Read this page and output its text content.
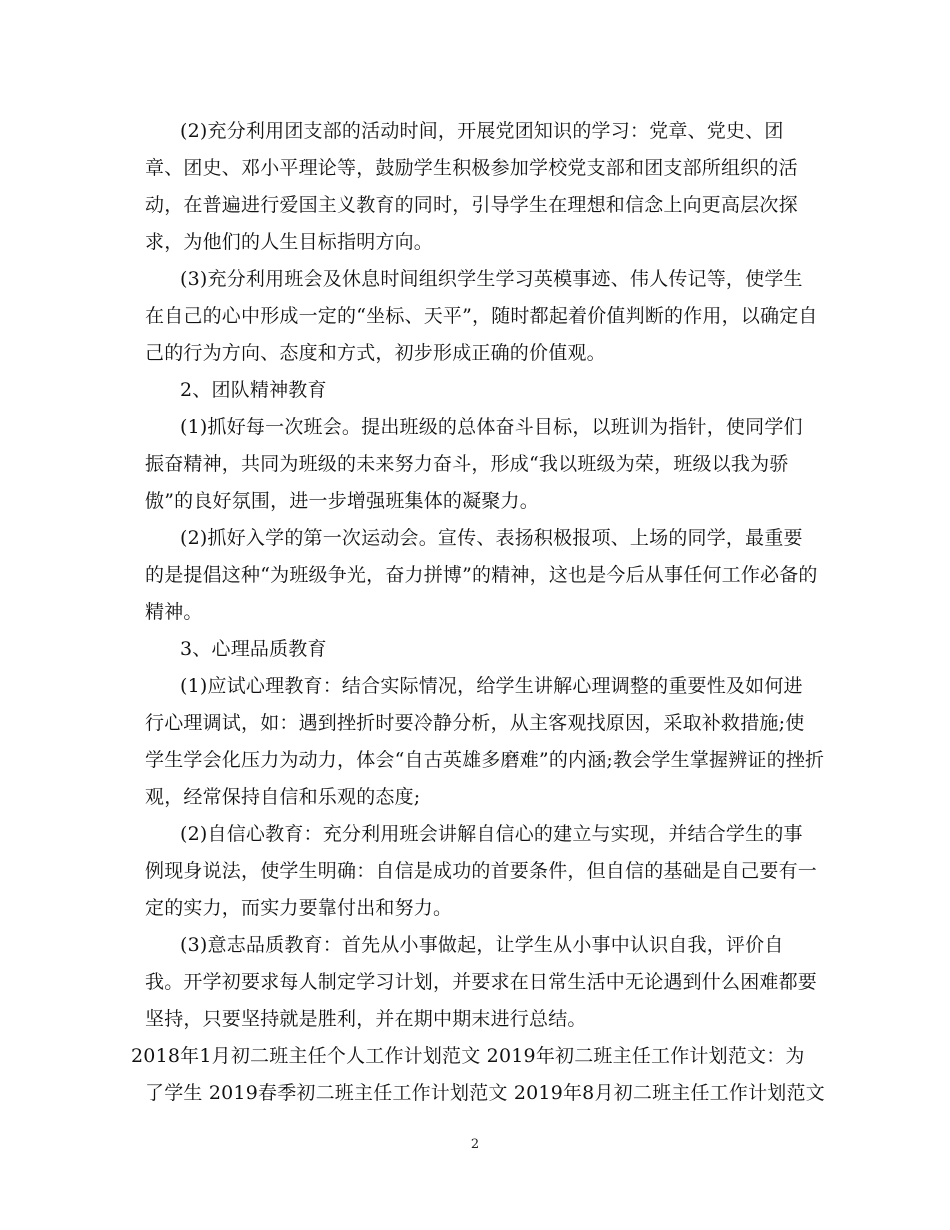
(2)充分利用团支部的活动时间，开展党团知识的学习：党章、党史、团
章、团史、邓小平理论等，鼓励学生积极参加学校党支部和团支部所组织的活
动，在普遍进行爱国主义教育的同时，引导学生在理想和信念上向更高层次探
求，为他们的人生目标指明方向。
(3)充分利用班会及休息时间组织学生学习英模事迹、伟人传记等，使学生
在自己的心中形成一定的“坐标、天平”，随时都起着价值判断的作用，以确定自
己的行为方向、态度和方式，初步形成正确的价值观。
2、团队精神教育
(1)抓好每一次班会。提出班级的总体奋斗目标，以班训为指针，使同学们
振奋精神，共同为班级的未来努力奋斗，形成“我以班级为荣，班级以我为骄
傲”的良好氛围，进一步增强班集体的凝聚力。
(2)抓好入学的第一次运动会。宣传、表扬积极报项、上场的同学，最重要
的是提倡这种“为班级争光，奋力拼博”的精神，这也是今后从事任何工作必备的
精神。
3、心理品质教育
(1)应试心理教育：结合实际情况，给学生讲解心理调整的重要性及如何进
行心理调试，如：遇到挫折时要冷静分析，从主客观找原因，采取补救措施;使
学生学会化压力为动力，体会“自古英雄多磨难”的内涵;教会学生掌握辨证的挫折
观，经常保持自信和乐观的态度;
(2)自信心教育：充分利用班会讲解自信心的建立与实现，并结合学生的事
例现身说法，使学生明确：自信是成功的首要条件，但自信的基础是自己要有一
定的实力，而实力要靠付出和努力。
(3)意志品质教育：首先从小事做起，让学生从小事中认识自我，评价自
我。开学初要求每人制定学习计划，并要求在日常生活中无论遇到什么困难都要
坚持，只要坚持就是胜利，并在期中期末进行总结。
2018年1月初二班主任个人工作计划范文 2019年初二班主任工作计划范文：为
了学生 2019春季初二班主任工作计划范文 2019年8月初二班主任工作计划范文
2
